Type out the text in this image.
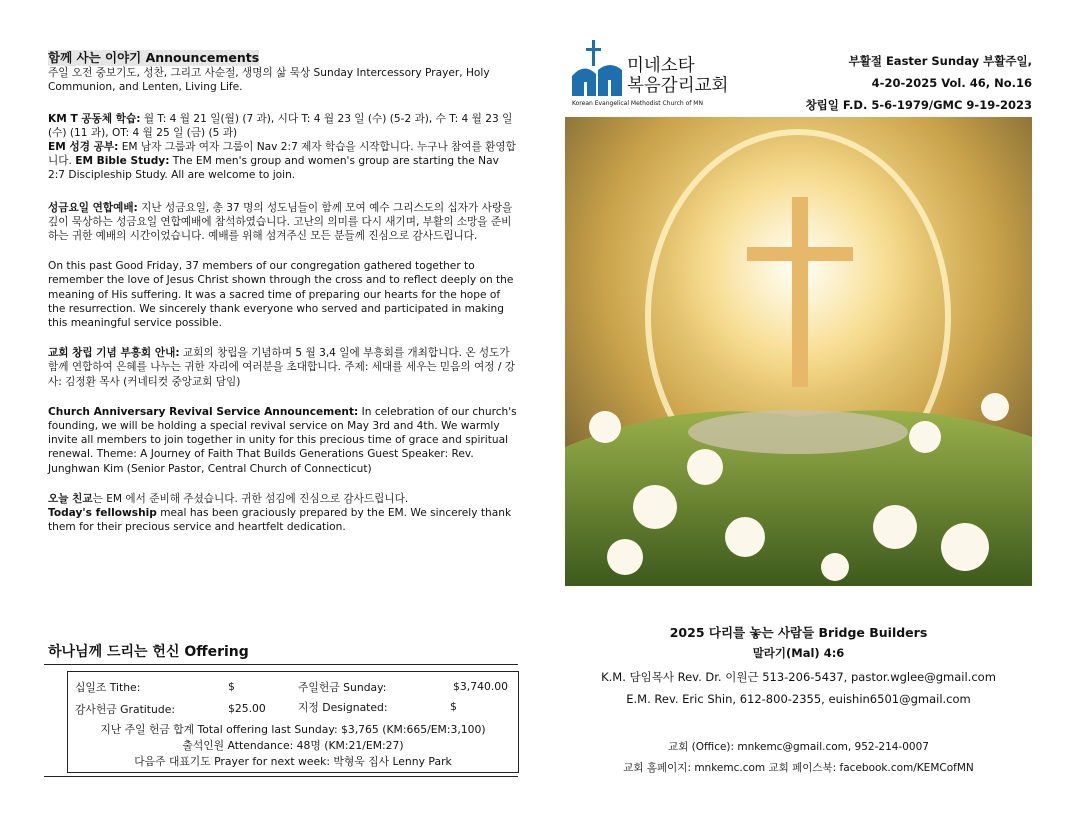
함께 사는 이야기 Announcements

주일 오전 중보기도, 성찬, 그리고 사순절, 생명의 삶 묵상 Sunday Intercessory Prayer, Holy Communion, and Lenten, Living Life.

KM T 공동체 학습: 월 T: 4 월 21 일(월) (7 과), 시다 T: 4 월 23 일 (수) (5-2 과), 수 T: 4 월 23 일(수) (11 과), OT: 4 월 25 일 (금) (5 과)

EM 성경 공부: EM 남자 그룹과 여자 그룹이 Nav 2:7 제자 학습을 시작합니다. 누구나 참여를 환영합니다. EM Bible Study: The EM men's group and women's group are starting the Nav 2:7 Discipleship Study. All are welcome to join.

성금요일 연합예배: 지난 성금요일, 총 37 명의 성도님들이 함께 모여 예수 그리스도의 십자가 사랑을 깊이 묵상하는 성금요일 연합예배에 참석하였습니다. 고난의 의미를 다시 새기며, 부활의 소망을 준비하는 귀한 예배의 시간이었습니다. 예배를 위해 섬겨주신 모든 분들께 진심으로 감사드립니다.

On this past Good Friday, 37 members of our congregation gathered together to remember the love of Jesus Christ shown through the cross and to reflect deeply on the meaning of His suffering. It was a sacred time of preparing our hearts for the hope of the resurrection. We sincerely thank everyone who served and participated in making this meaningful service possible.

교회 창립 기념 부흥회 안내: 교회의 창립을 기념하며 5 월 3,4 일에 부흥회를 개최합니다. 온 성도가 함께 연합하여 은혜를 나누는 귀한 자리에 여러분을 초대합니다. 주제: 세대를 세우는 믿음의 여정 / 강사: 김정환 목사 (커네티컷 중앙교회 담임)

Church Anniversary Revival Service Announcement: In celebration of our church's founding, we will be holding a special revival service on May 3rd and 4th. We warmly invite all members to join together in unity for this precious time of grace and spiritual renewal. Theme: A Journey of Faith That Builds Generations Guest Speaker: Rev. Junghwan Kim (Senior Pastor, Central Church of Connecticut)

오늘 친교는 EM 에서 준비해 주셨습니다. 귀한 섬김에 진심으로 감사드립니다.
Today's fellowship meal has been graciously prepared by the EM. We sincerely thank them for their precious service and heartfelt dedication.

하나님께 드리는 헌신 Offering
십일조 Tithe:	$	주일헌금 Sunday:	$3,740.00
감사헌금 Gratitude:	$25.00	지정 Designated:	$
지난 주일 헌금 합계 Total offering last Sunday: $3,765 (KM:665/EM:3,100)
출석인원 Attendance: 48명 (KM:21/EM:27)
다음주 대표기도 Prayer for next week: 박형욱 집사 Lenny Park
미네소타
복음감리교회
Korean Evangelical Methodist Church of MN
부활절 Easter Sunday 부활주일,
4-20-2025 Vol. 46, No.16
창립일 F.D. 5-6-1979/GMC 9-19-2023
2025 다리를 놓는 사람들 Bridge Builders
말라기(Mal) 4:6
K.M. 담임목사 Rev. Dr. 이원근 513-206-5437, pastor.wglee@gmail.com
E.M. Rev. Eric Shin, 612-800-2355, euishin6501@gmail.com
교회 (Office): mnkemc@gmail.com, 952-214-0007
교회 홈페이지: mnkemc.com 교회 페이스북: facebook.com/KEMCofMN
